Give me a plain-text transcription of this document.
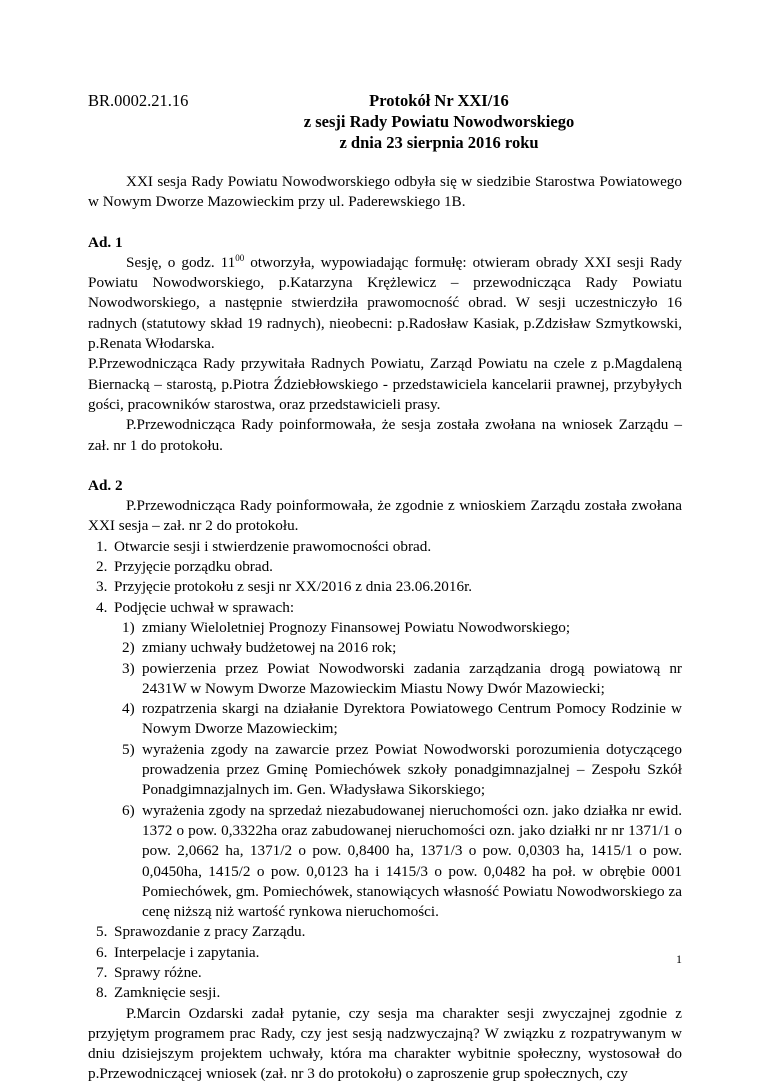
BR.0002.21.16	Protokół Nr XXI/16
z sesji Rady Powiatu Nowodworskiego
z dnia 23 sierpnia 2016 roku

XXI sesja Rady Powiatu Nowodworskiego odbyła się w siedzibie Starostwa Powiatowego w Nowym Dworze Mazowieckim przy ul. Paderewskiego 1B.

Ad. 1

Sesję, o godz. $11^{00}$ otworzyła, wypowiadając formułę: otwieram obrady XXI sesji Rady Powiatu Nowodworskiego, p.Katarzyna Krężlewicz – przewodnicząca Rady Powiatu Nowodworskiego, a następnie stwierdziła prawomocność obrad. W sesji uczestniczyło 16 radnych (statutowy skład 19 radnych), nieobecni: p.Radosław Kasiak, p.Zdzisław Szmytkowski, p.Renata Włodarska.

P.Przewodnicząca Rady przywitała Radnych Powiatu, Zarząd Powiatu na czele z p.Magdaleną Biernacką – starostą, p.Piotra Ździebłowskiego - przedstawiciela kancelarii prawnej, przybyłych gości, pracowników starostwa, oraz przedstawicieli prasy.

P.Przewodnicząca Rady poinformowała, że sesja została zwołana na wniosek Zarządu – zał. nr 1 do protokołu.

Ad. 2

P.Przewodnicząca Rady poinformowała, że zgodnie z wnioskiem Zarządu została zwołana XXI sesja – zał. nr 2 do protokołu.

1. Otwarcie sesji i stwierdzenie prawomocności obrad.
2. Przyjęcie porządku obrad.
3. Przyjęcie protokołu z sesji nr XX/2016 z dnia 23.06.2016r.
4. Podjęcie uchwał w sprawach:
1) zmiany Wieloletniej Prognozy Finansowej Powiatu Nowodworskiego;
2) zmiany uchwały budżetowej na 2016 rok;
3) powierzenia przez Powiat Nowodworski zadania zarządzania drogą powiatową nr 2431W w Nowym Dworze Mazowieckim Miastu Nowy Dwór Mazowiecki;
4) rozpatrzenia skargi na działanie Dyrektora Powiatowego Centrum Pomocy Rodzinie w Nowym Dworze Mazowieckim;
5) wyrażenia zgody na zawarcie przez Powiat Nowodworski porozumienia dotyczącego prowadzenia przez Gminę Pomiechówek szkoły ponadgimnazjalnej – Zespołu Szkół Ponadgimnazjalnych im. Gen. Władysława Sikorskiego;
6) wyrażenia zgody na sprzedaż niezabudowanej nieruchomości ozn. jako działka nr ewid. 1372 o pow. 0,3322ha oraz zabudowanej nieruchomości ozn. jako działki nr nr 1371/1 o pow. 2,0662 ha, 1371/2 o pow. 0,8400 ha, 1371/3 o pow. 0,0303 ha, 1415/1 o pow. 0,0450ha, 1415/2 o pow. 0,0123 ha i 1415/3 o pow. 0,0482 ha poł. w obrębie 0001 Pomiechówek, gm. Pomiechówek, stanowiących własność Powiatu Nowodworskiego za cenę niższą niż wartość rynkowa nieruchomości.
5. Sprawozdanie z pracy Zarządu.
6. Interpelacje i zapytania.
7. Sprawy różne.
8. Zamknięcie sesji.

P.Marcin Ozdarski zadał pytanie, czy sesja ma charakter sesji zwyczajnej zgodnie z przyjętym programem prac Rady, czy jest sesją nadzwyczajną? W związku z rozpatrywanym w dniu dzisiejszym projektem uchwały, która ma charakter wybitnie społeczny, wystosował do p.Przewodniczącej wniosek (zał. nr 3 do protokołu) o zaproszenie grup społecznych, czy

1
